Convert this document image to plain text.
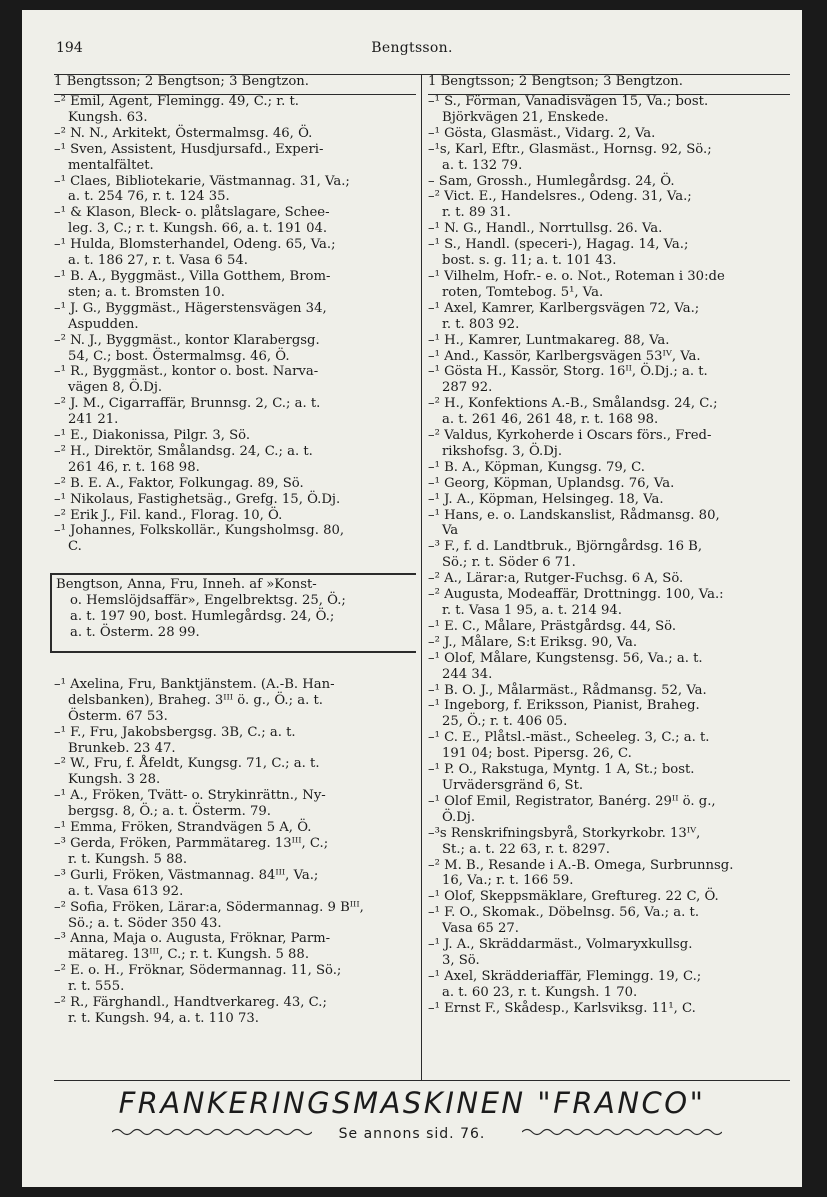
194	Bengtsson.
1 Bengtsson; 2 Bengtson; 3 Bengtzon.
–² Emil, Agent, Flemingg. 49, C.; r. t.
Kungsh. 63.
–² N. N., Arkitekt, Östermalmsg. 46, Ö.
–¹ Sven, Assistent, Husdjursafd., Experi-
mentalfältet.
–¹ Claes, Bibliotekarie, Västmannag. 31, Va.;
a. t. 254 76, r. t. 124 35.
–¹ & Klason, Bleck- o. plåtslagare, Schee-
leg. 3, C.; r. t. Kungsh. 66, a. t. 191 04.
–¹ Hulda, Blomsterhandel, Odeng. 65, Va.;
a. t. 186 27, r. t. Vasa 6 54.
–¹ B. A., Byggmäst., Villa Gotthem, Brom-
sten; a. t. Bromsten 10.
–¹ J. G., Byggmäst., Hägerstensvägen 34,
Aspudden.
–² N. J., Byggmäst., kontor Klarabergsg.
54, C.; bost. Östermalmsg. 46, Ö.
–¹ R., Byggmäst., kontor o. bost. Narva-
vägen 8, Ö.Dj.
–² J. M., Cigarraffär, Brunnsg. 2, C.; a. t.
241 21.
–¹ E., Diakonissa, Pilgr. 3, Sö.
–² H., Direktör, Smålandsg. 24, C.; a. t.
261 46, r. t. 168 98.
–² B. E. A., Faktor, Folkungag. 89, Sö.
–¹ Nikolaus, Fastighetsäg., Grefg. 15, Ö.Dj.
–² Erik J., Fil. kand., Florag. 10, Ö.
–¹ Johannes, Folkskollär., Kungsholmsg. 80,
C.
Bengtson, Anna, Fru, Inneh. af »Konst-
o. Hemslöjdsaffär», Engelbrektsg. 25, Ö.;
a. t. 197 90, bost. Humlegårdsg. 24, Ö.;
a. t. Österm. 28 99.
–¹ Axelina, Fru, Banktjänstem. (A.-B. Han-
delsbanken), Braheg. 3ᴵᴵᴵ ö. g., Ö.; a. t.
Österm. 67 53.
–¹ F., Fru, Jakobsbergsg. 3B, C.; a. t.
Brunkeb. 23 47.
–² W., Fru, f. Åfeldt, Kungsg. 71, C.; a. t.
Kungsh. 3 28.
–¹ A., Fröken, Tvätt- o. Strykinrättn., Ny-
bergsg. 8, Ö.; a. t. Österm. 79.
–¹ Emma, Fröken, Strandvägen 5 A, Ö.
–³ Gerda, Fröken, Parmmätareg. 13ᴵᴵᴵ, C.;
r. t. Kungsh. 5 88.
–³ Gurli, Fröken, Västmannag. 84ᴵᴵᴵ, Va.;
a. t. Vasa 613 92.
–² Sofia, Fröken, Lärar:a, Södermannag. 9 Bᴵᴵᴵ,
Sö.; a. t. Söder 350 43.
–³ Anna, Maja o. Augusta, Fröknar, Parm-
mätareg. 13ᴵᴵᴵ, C.; r. t. Kungsh. 5 88.
–² E. o. H., Fröknar, Södermannag. 11, Sö.;
r. t. 555.
–² R., Färghandl., Handtverkareg. 43, C.;
r. t. Kungsh. 94, a. t. 110 73.
1 Bengtsson; 2 Bengtson; 3 Bengtzon.
–¹ S., Förman, Vanadisvägen 15, Va.; bost.
Björkvägen 21, Enskede.
–¹ Gösta, Glasmäst., Vidarg. 2, Va.
–¹s, Karl, Eftr., Glasmäst., Hornsg. 92, Sö.;
a. t. 132 79.
– Sam, Grossh., Humlegårdsg. 24, Ö.
–² Vict. E., Handelsres., Odeng. 31, Va.;
r. t. 89 31.
–¹ N. G., Handl., Norrtullsg. 26. Va.
–¹ S., Handl. (speceri-), Hagag. 14, Va.;
bost. s. g. 11; a. t. 101 43.
–¹ Vilhelm, Hofr.- e. o. Not., Roteman i 30:de
roten, Tomtebog. 5¹, Va.
–¹ Axel, Kamrer, Karlbergsvägen 72, Va.;
r. t. 803 92.
–¹ H., Kamrer, Luntmakareg. 88, Va.
–¹ And., Kassör, Karlbergsvägen 53ᴵⱽ, Va.
–¹ Gösta H., Kassör, Storg. 16ᴵᴵ, Ö.Dj.; a. t.
287 92.
–² H., Konfektions A.-B., Smålandsg. 24, C.;
a. t. 261 46, 261 48, r. t. 168 98.
–² Valdus, Kyrkoherde i Oscars förs., Fred-
rikshofsg. 3, Ö.Dj.
–¹ B. A., Köpman, Kungsg. 79, C.
–¹ Georg, Köpman, Uplandsg. 76, Va.
–¹ J. A., Köpman, Helsingeg. 18, Va.
–¹ Hans, e. o. Landskanslist, Rådmansg. 80,
Va
–³ F., f. d. Landtbruk., Björngårdsg. 16 B,
Sö.; r. t. Söder 6 71.
–² A., Lärar:a, Rutger-Fuchsg. 6 A, Sö.
–² Augusta, Modeaffär, Drottningg. 100, Va.:
r. t. Vasa 1 95, a. t. 214 94.
–¹ E. C., Målare, Prästgårdsg. 44, Sö.
–² J., Målare, S:t Eriksg. 90, Va.
–¹ Olof, Målare, Kungstensg. 56, Va.; a. t.
244 34.
–¹ B. O. J., Målarmäst., Rådmansg. 52, Va.
–¹ Ingeborg, f. Eriksson, Pianist, Braheg.
25, Ö.; r. t. 406 05.
–¹ C. E., Plåtsl.-mäst., Scheeleg. 3, C.; a. t.
191 04; bost. Pipersg. 26, C.
–¹ P. O., Rakstuga, Myntg. 1 A, St.; bost.
Urvädersgränd 6, St.
–¹ Olof Emil, Registrator, Banérg. 29ᴵᴵ ö. g.,
Ö.Dj.
–³s Renskrifningsbyrå, Storkyrkobr. 13ᴵⱽ,
St.; a. t. 22 63, r. t. 8297.
–² M. B., Resande i A.-B. Omega, Surbrunnsg.
16, Va.; r. t. 166 59.
–¹ Olof, Skeppsmäklare, Greftureg. 22 C, Ö.
–¹ F. O., Skomak., Döbelnsg. 56, Va.; a. t.
Vasa 65 27.
–¹ J. A., Skräddarmäst., Volmaryxkullsg.
3, Sö.
–¹ Axel, Skrädderiaffär, Flemingg. 19, C.;
a. t. 60 23, r. t. Kungsh. 1 70.
–¹ Ernst F., Skådesp., Karlsviksg. 11¹, C.
FRANKERINGSMASKINEN "FRANCO"
Se annons sid. 76.
